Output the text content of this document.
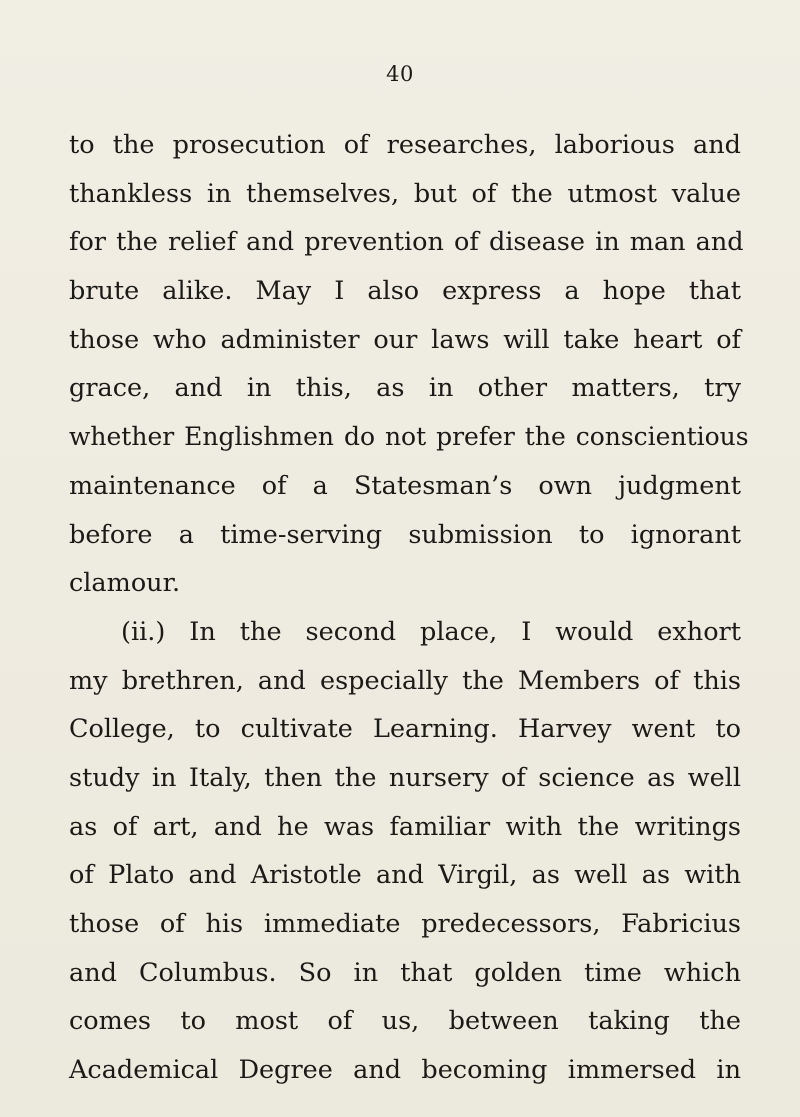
40
to the prosecution of researches, laborious and
thankless in themselves, but of the utmost value
for the relief and prevention of disease in man and
brute alike. May I also express a hope that
those who administer our laws will take heart of
grace, and in this, as in other matters, try
whether Englishmen do not prefer the conscientious
maintenance of a Statesman’s own judgment
before a time-serving submission to ignorant
clamour.
(ii.) In the second place, I would exhort
my brethren, and especially the Members of this
College, to cultivate Learning. Harvey went to
study in Italy, then the nursery of science as well
as of art, and he was familiar with the writings
of Plato and Aristotle and Virgil, as well as with
those of his immediate predecessors, Fabricius
and Columbus. So in that golden time which
comes to most of us, between taking the
Academical Degree and becoming immersed in
